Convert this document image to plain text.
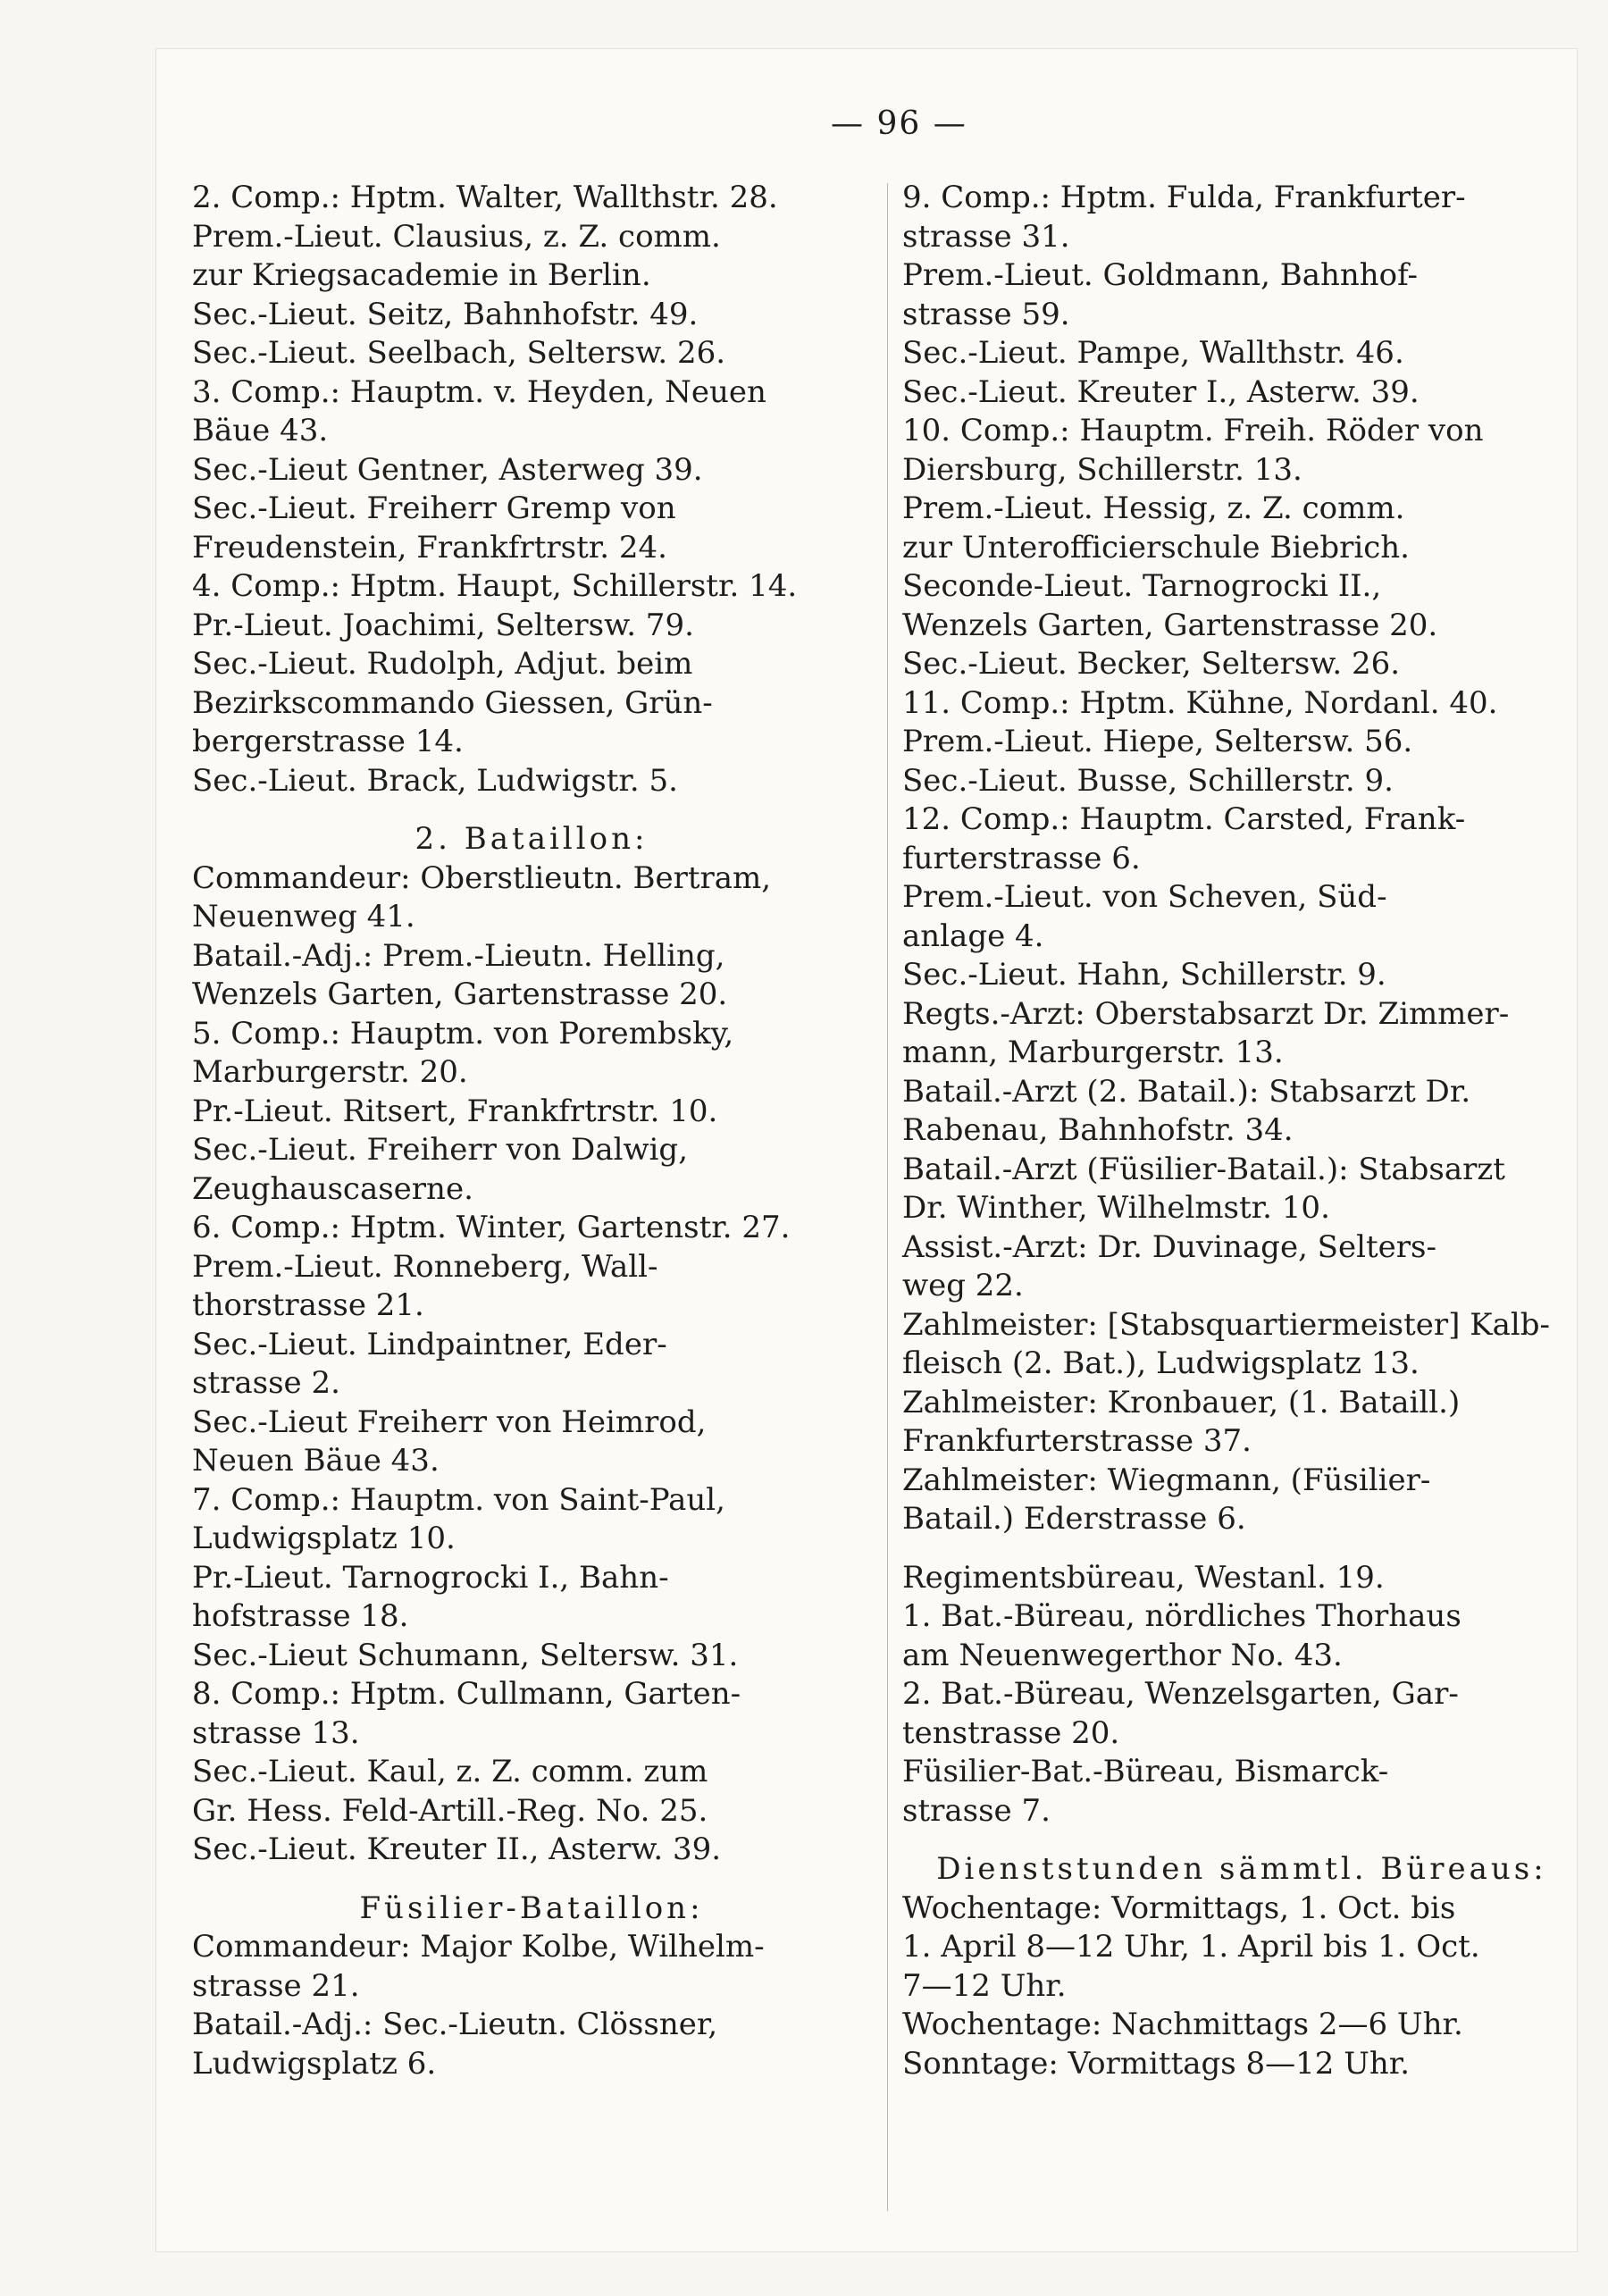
— 96 —
2. Comp.: Hptm. Walter, Wallthstr. 28.
Prem.-Lieut. Clausius, z. Z. comm.
zur Kriegsacademie in Berlin.
Sec.-Lieut. Seitz, Bahnhofstr. 49.
Sec.-Lieut. Seelbach, Seltersw. 26.
3. Comp.: Hauptm. v. Heyden, Neuen
Bäue 43.
Sec.-Lieut Gentner, Asterweg 39.
Sec.-Lieut. Freiherr Gremp von
Freudenstein, Frankfrtrstr. 24.
4. Comp.: Hptm. Haupt, Schillerstr. 14.
Pr.-Lieut. Joachimi, Seltersw. 79.
Sec.-Lieut. Rudolph, Adjut. beim
Bezirkscommando Giessen, Grün-
bergerstrasse 14.
Sec.-Lieut. Brack, Ludwigstr. 5.
2. Bataillon:
Commandeur: Oberstlieutn. Bertram,
Neuenweg 41.
Batail.-Adj.: Prem.-Lieutn. Helling,
Wenzels Garten, Gartenstrasse 20.
5. Comp.: Hauptm. von Porembsky,
Marburgerstr. 20.
Pr.-Lieut. Ritsert, Frankfrtrstr. 10.
Sec.-Lieut. Freiherr von Dalwig,
Zeughauscaserne.
6. Comp.: Hptm. Winter, Gartenstr. 27.
Prem.-Lieut. Ronneberg, Wall-
thorstrasse 21.
Sec.-Lieut. Lindpaintner, Eder-
strasse 2.
Sec.-Lieut Freiherr von Heimrod,
Neuen Bäue 43.
7. Comp.: Hauptm. von Saint-Paul,
Ludwigsplatz 10.
Pr.-Lieut. Tarnogrocki I., Bahn-
hofstrasse 18.
Sec.-Lieut Schumann, Seltersw. 31.
8. Comp.: Hptm. Cullmann, Garten-
strasse 13.
Sec.-Lieut. Kaul, z. Z. comm. zum
Gr. Hess. Feld-Artill.-Reg. No. 25.
Sec.-Lieut. Kreuter II., Asterw. 39.
Füsilier-Bataillon:
Commandeur: Major Kolbe, Wilhelm-
strasse 21.
Batail.-Adj.: Sec.-Lieutn. Clössner,
Ludwigsplatz 6.
9. Comp.: Hptm. Fulda, Frankfurter-
strasse 31.
Prem.-Lieut. Goldmann, Bahnhof-
strasse 59.
Sec.-Lieut. Pampe, Wallthstr. 46.
Sec.-Lieut. Kreuter I., Asterw. 39.
10. Comp.: Hauptm. Freih. Röder von
Diersburg, Schillerstr. 13.
Prem.-Lieut. Hessig, z. Z. comm.
zur Unterofficierschule Biebrich.
Seconde-Lieut. Tarnogrocki II.,
Wenzels Garten, Gartenstrasse 20.
Sec.-Lieut. Becker, Seltersw. 26.
11. Comp.: Hptm. Kühne, Nordanl. 40.
Prem.-Lieut. Hiepe, Seltersw. 56.
Sec.-Lieut. Busse, Schillerstr. 9.
12. Comp.: Hauptm. Carsted, Frank-
furterstrasse 6.
Prem.-Lieut. von Scheven, Süd-
anlage 4.
Sec.-Lieut. Hahn, Schillerstr. 9.
Regts.-Arzt: Oberstabsarzt Dr. Zimmer-
mann, Marburgerstr. 13.
Batail.-Arzt (2. Batail.): Stabsarzt Dr.
Rabenau, Bahnhofstr. 34.
Batail.-Arzt (Füsilier-Batail.): Stabsarzt
Dr. Winther, Wilhelmstr. 10.
Assist.-Arzt: Dr. Duvinage, Selters-
weg 22.
Zahlmeister: [Stabsquartiermeister] Kalb-
fleisch (2. Bat.), Ludwigsplatz 13.
Zahlmeister: Kronbauer, (1. Bataill.)
Frankfurterstrasse 37.
Zahlmeister: Wiegmann, (Füsilier-
Batail.) Ederstrasse 6.
Regimentsbüreau, Westanl. 19.
1. Bat.-Büreau, nördliches Thorhaus
am Neuenwegerthor No. 43.
2. Bat.-Büreau, Wenzelsgarten, Gar-
tenstrasse 20.
Füsilier-Bat.-Büreau, Bismarck-
strasse 7.
Dienststunden sämmtl. Büreaus:
Wochentage: Vormittags, 1. Oct. bis
1. April 8—12 Uhr, 1. April bis 1. Oct.
7—12 Uhr.
Wochentage: Nachmittags 2—6 Uhr.
Sonntage: Vormittags 8—12 Uhr.
